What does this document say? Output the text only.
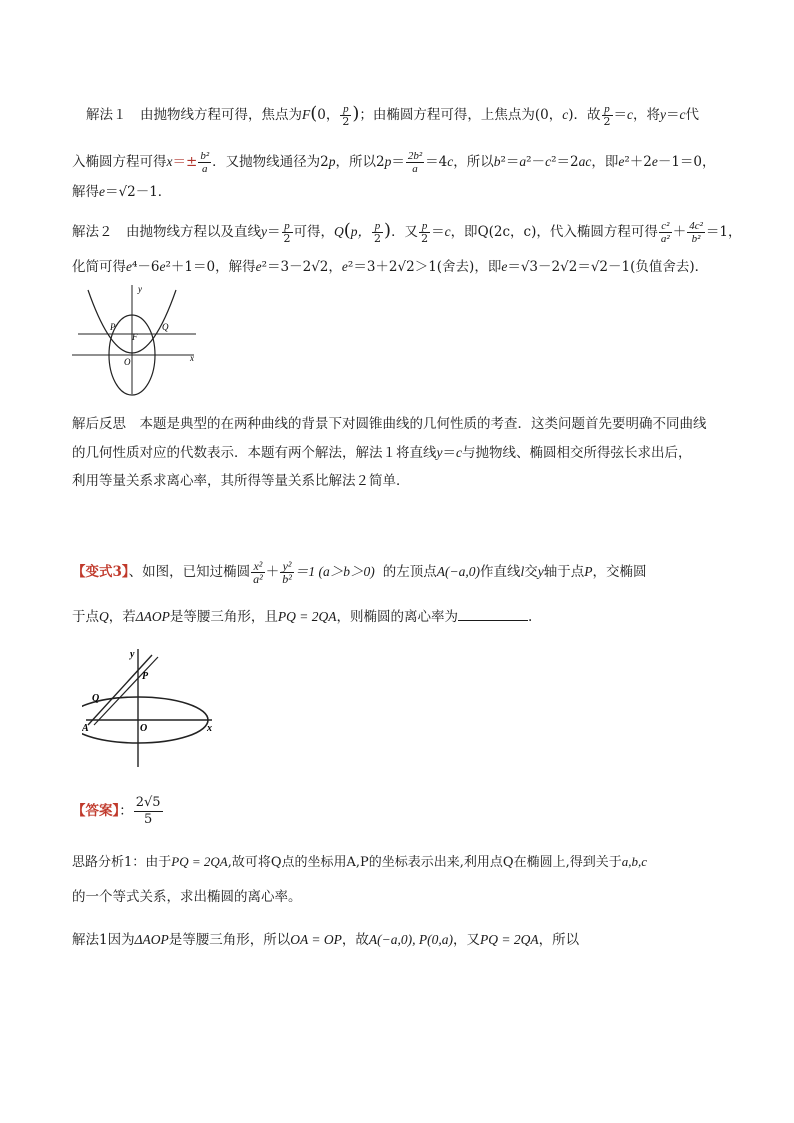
解法１　由抛物线方程可得，焦点为F(0， $\frac{p}{2}$ )；由椭圆方程可得，上焦点为(0，c)．故 $\frac{p}{2} =c$，将y＝c代
入椭圆方程可得$x=\pm \frac{\text{b²}}{a}$ ．又抛物线通径为2p，所以$2p= \frac{\text{2b²}}{a} =4c$，所以b²＝a²－c²＝2ac，即e²＋2e－1＝0，
解得e＝√2－1．
解法２　由抛物线方程以及直线$y= \frac{p}{2}$ 可得，Q(p， $\frac{p}{2}$ )．又 $\frac{p}{2} =c$，即Q(2c，c)，代入椭圆方程可得 $\frac{\text{c²}}{\text{a²}} + \frac{\text{4c²}}{\text{b²}} =1$，
化简可得e⁴－6e²＋1＝0，解得e²＝3－2√2，e²＝3＋2√2＞1(舍去)，即e＝√3－2√2＝√2－1(负值舍去)．
y
P	Q
F
O	x
解后反思　本题是典型的在两种曲线的背景下对圆锥曲线的几何性质的考查．这类问题首先要明确不同曲线
的几何性质对应的代数表示．本题有两个解法，解法１将直线y＝c与抛物线、椭圆相交所得弦长求出后，
利用等量关系求离心率，其所得等量关系比解法２简单．
【变式3】、如图，已知过椭圆 $\frac{\text{x²}}{\text{a²}} + \frac{\text{y²}}{\text{b²}} =1$ (a＞b＞0) 的左顶点A(−a,0)作直线l交y轴于点P，交椭圆
于点Q，若ΔAOP是等腰三角形，且PQ = 2QA，则椭圆的离心率为	.
y
P
Q
A	O	x
【答案】： $\frac{2√5}{5}$
思路分析1：由于PQ = 2QA,故可将Q点的坐标用A,P的坐标表示出来,利用点Q在椭圆上,得到关于a,b,c
的一个等式关系，求出椭圆的离心率。
解法1因为ΔAOP是等腰三角形，所以OA = OP，故A(−a,0), P(0,a)，又PQ = 2QA，所以
